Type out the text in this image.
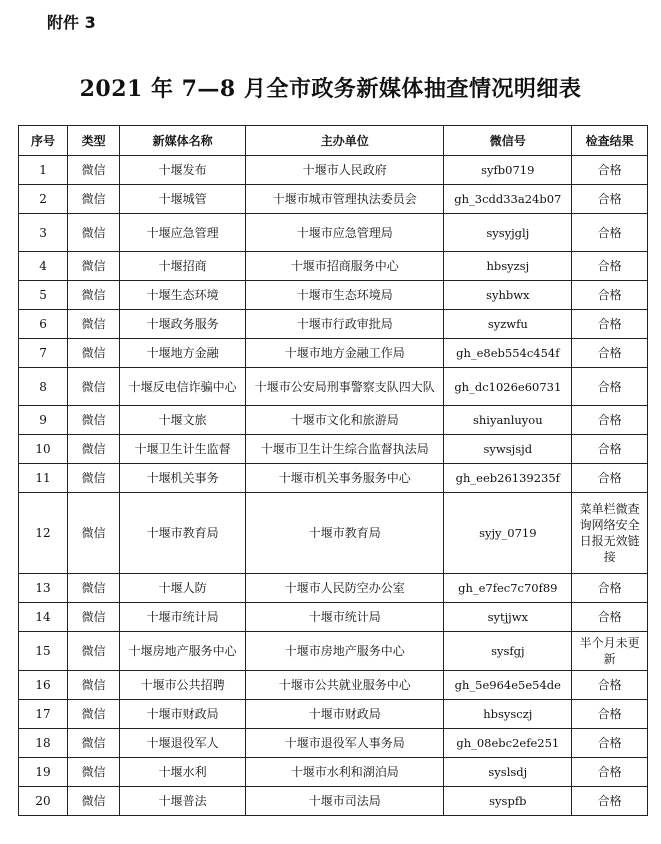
附件 3
2021 年 7—8 月全市政务新媒体抽查情况明细表
序号	类型	新媒体名称	主办单位	微信号	检查结果
1	微信	十堰发布	十堰市人民政府	syfb0719	合格
2	微信	十堰城管	十堰市城市管理执法委员会	gh_3cdd33a24b07	合格
3	微信	十堰应急管理	十堰市应急管理局	sysyjglj	合格
4	微信	十堰招商	十堰市招商服务中心	hbsyzsj	合格
5	微信	十堰生态环境	十堰市生态环境局	syhbwx	合格
6	微信	十堰政务服务	十堰市行政审批局	syzwfu	合格
7	微信	十堰地方金融	十堰市地方金融工作局	gh_e8eb554c454f	合格
8	微信	十堰反电信诈骗中心	十堰市公安局刑事警察支队四大队	gh_dc1026e60731	合格
9	微信	十堰文旅	十堰市文化和旅游局	shiyanluyou	合格
10	微信	十堰卫生计生监督	十堰市卫生计生综合监督执法局	sywsjsjd	合格
11	微信	十堰机关事务	十堰市机关事务服务中心	gh_eeb26139235f	合格
12	微信	十堰市教育局	十堰市教育局	syjy_0719	菜单栏微查询网络安全日报无效链接
13	微信	十堰人防	十堰市人民防空办公室	gh_e7fec7c70f89	合格
14	微信	十堰市统计局	十堰市统计局	sytjjwx	合格
15	微信	十堰房地产服务中心	十堰市房地产服务中心	sysfgj	半个月未更新
16	微信	十堰市公共招聘	十堰市公共就业服务中心	gh_5e964e5e54de	合格
17	微信	十堰市财政局	十堰市财政局	hbsysczj	合格
18	微信	十堰退役军人	十堰市退役军人事务局	gh_08ebc2efe251	合格
19	微信	十堰水利	十堰市水利和湖泊局	syslsdj	合格
20	微信	十堰普法	十堰市司法局	syspfb	合格
